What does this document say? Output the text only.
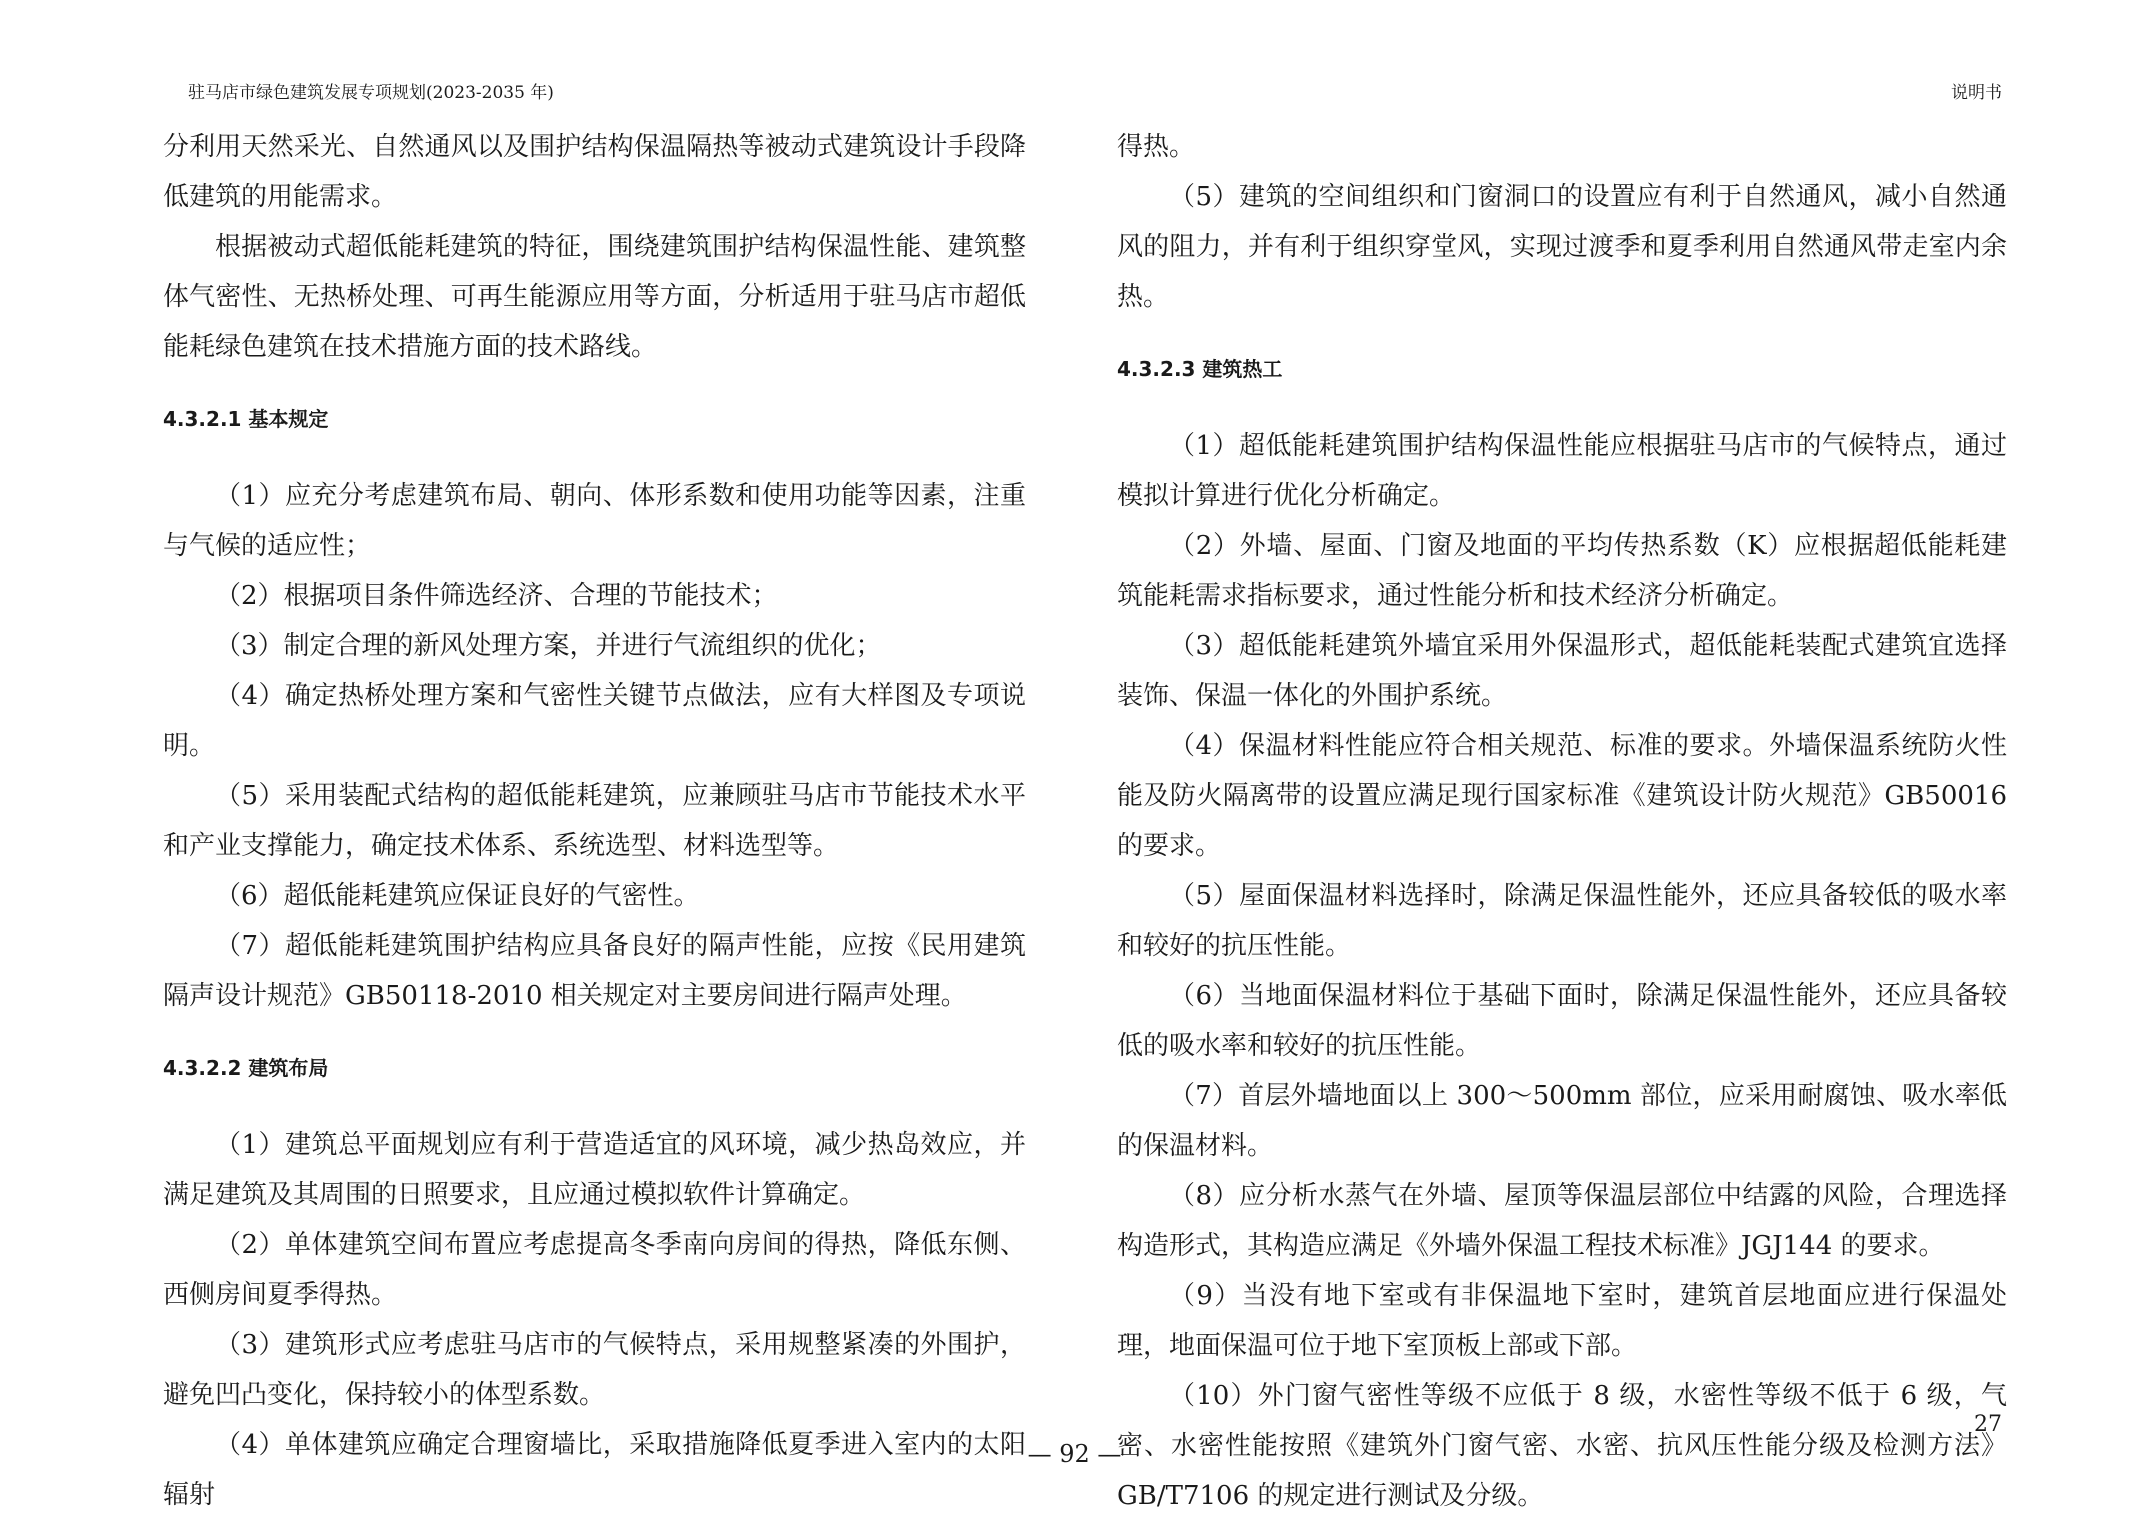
驻马店市绿色建筑发展专项规划(2023-2035 年)	说明书

分利用天然采光、自然通风以及围护结构保温隔热等被动式建筑设计手段降低建筑的用能需求。

根据被动式超低能耗建筑的特征，围绕建筑围护结构保温性能、建筑整体气密性、无热桥处理、可再生能源应用等方面，分析适用于驻马店市超低能耗绿色建筑在技术措施方面的技术路线。

4.3.2.1 基本规定

（1）应充分考虑建筑布局、朝向、体形系数和使用功能等因素，注重与气候的适应性；

（2）根据项目条件筛选经济、合理的节能技术；

（3）制定合理的新风处理方案，并进行气流组织的优化；

（4）确定热桥处理方案和气密性关键节点做法，应有大样图及专项说明。

（5）采用装配式结构的超低能耗建筑，应兼顾驻马店市节能技术水平和产业支撑能力，确定技术体系、系统选型、材料选型等。

（6）超低能耗建筑应保证良好的气密性。

（7）超低能耗建筑围护结构应具备良好的隔声性能，应按《民用建筑隔声设计规范》GB50118-2010 相关规定对主要房间进行隔声处理。

4.3.2.2 建筑布局

（1）建筑总平面规划应有利于营造适宜的风环境，减少热岛效应，并满足建筑及其周围的日照要求，且应通过模拟软件计算确定。

（2）单体建筑空间布置应考虑提高冬季南向房间的得热，降低东侧、西侧房间夏季得热。

（3）建筑形式应考虑驻马店市的气候特点，采用规整紧凑的外围护，避免凹凸变化，保持较小的体型系数。

（4）单体建筑应确定合理窗墙比，采取措施降低夏季进入室内的太阳辐射

得热。

（5）建筑的空间组织和门窗洞口的设置应有利于自然通风，减小自然通风的阻力，并有利于组织穿堂风，实现过渡季和夏季利用自然通风带走室内余热。

4.3.2.3 建筑热工

（1）超低能耗建筑围护结构保温性能应根据驻马店市的气候特点，通过模拟计算进行优化分析确定。

（2）外墙、屋面、门窗及地面的平均传热系数（K）应根据超低能耗建筑能耗需求指标要求，通过性能分析和技术经济分析确定。

（3）超低能耗建筑外墙宜采用外保温形式，超低能耗装配式建筑宜选择装饰、保温一体化的外围护系统。

（4）保温材料性能应符合相关规范、标准的要求。外墙保温系统防火性能及防火隔离带的设置应满足现行国家标准《建筑设计防火规范》GB50016 的要求。

（5）屋面保温材料选择时，除满足保温性能外，还应具备较低的吸水率和较好的抗压性能。

（6）当地面保温材料位于基础下面时，除满足保温性能外，还应具备较低的吸水率和较好的抗压性能。

（7）首层外墙地面以上 300～500mm 部位，应采用耐腐蚀、吸水率低的保温材料。

（8）应分析水蒸气在外墙、屋顶等保温层部位中结露的风险，合理选择构造形式，其构造应满足《外墙外保温工程技术标准》JGJ144 的要求。

（9）当没有地下室或有非保温地下室时，建筑首层地面应进行保温处理，地面保温可位于地下室顶板上部或下部。

（10）外门窗气密性等级不应低于 8 级，水密性等级不低于 6 级，气密、水密性能按照《建筑外门窗气密、水密、抗风压性能分级及检测方法》GB/T7106 的规定进行测试及分级。

27
— 92 —
